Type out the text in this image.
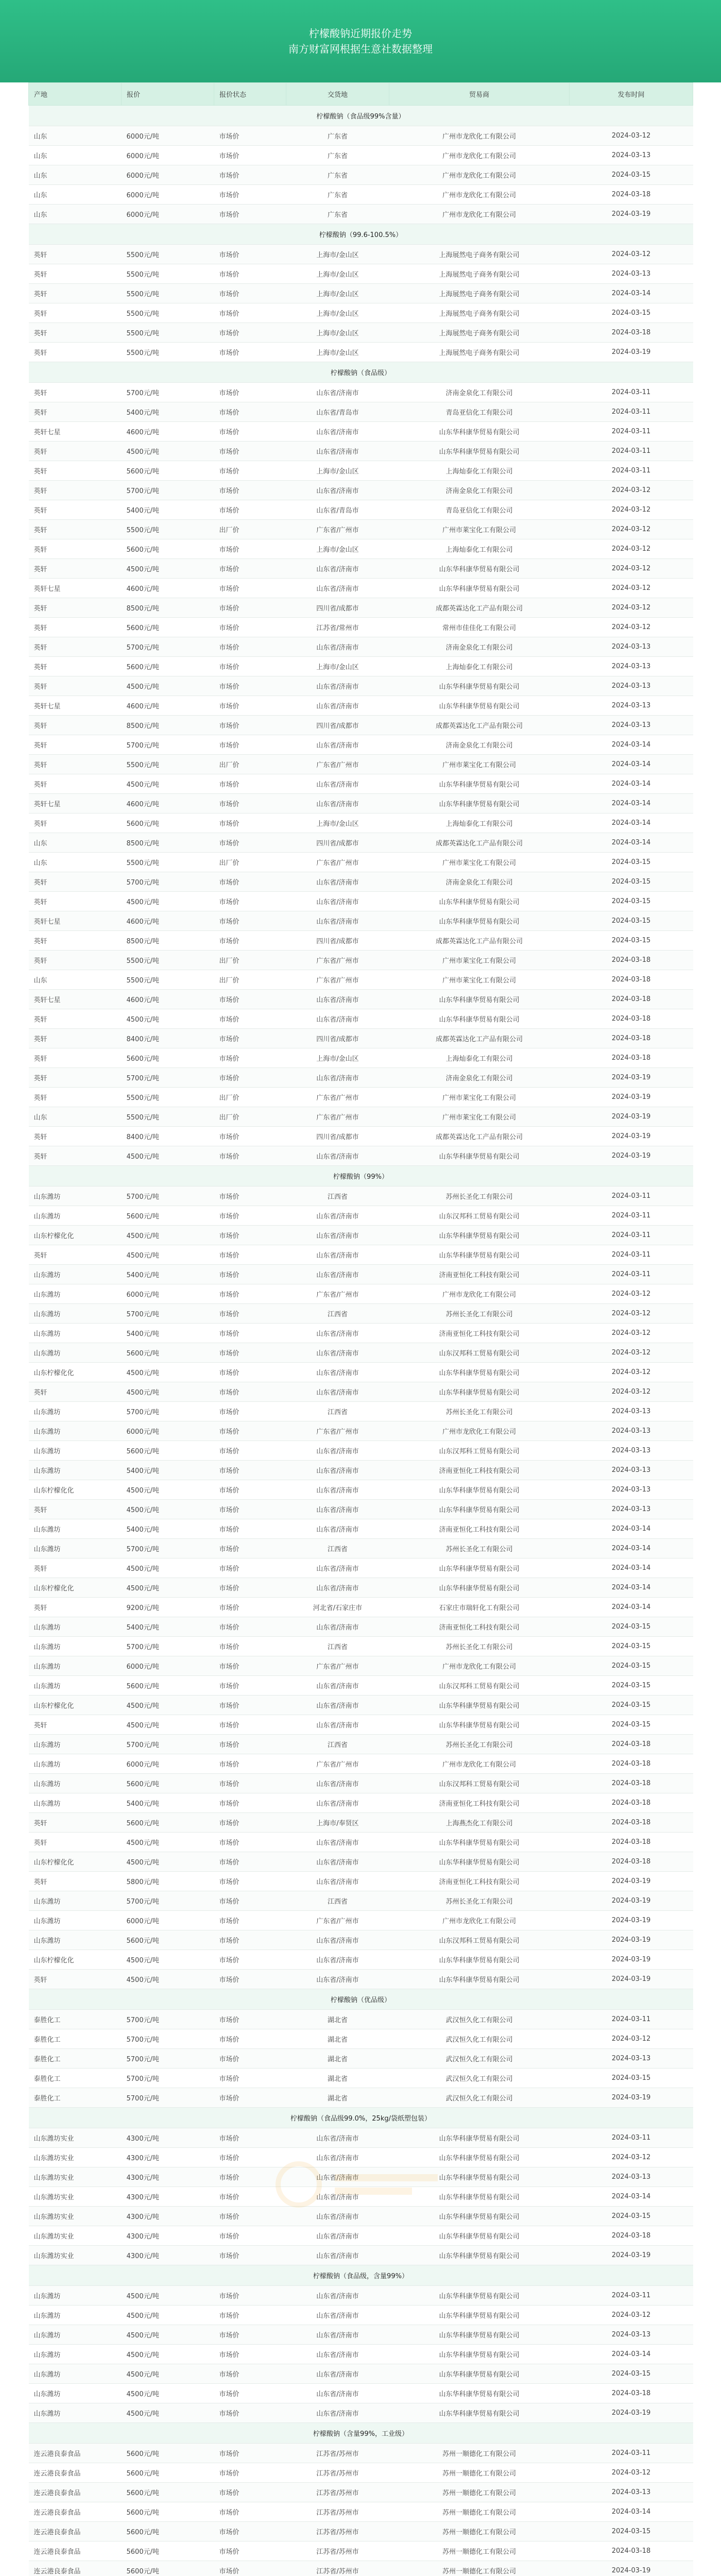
柠檬酸钠近期报价走势
南方财富网根据生意社数据整理
产地	报价	报价状态	交货地	贸易商	发布时间
柠檬酸钠（食品级99%含量）					
山东	6000元/吨	市场价	广东省	广州市龙欣化工有限公司	2024-03-12
山东	6000元/吨	市场价	广东省	广州市龙欣化工有限公司	2024-03-13
山东	6000元/吨	市场价	广东省	广州市龙欣化工有限公司	2024-03-15
山东	6000元/吨	市场价	广东省	广州市龙欣化工有限公司	2024-03-18
山东	6000元/吨	市场价	广东省	广州市龙欣化工有限公司	2024-03-19
柠檬酸钠（99.6-100.5%）					
英轩	5500元/吨	市场价	上海市/金山区	上海展然电子商务有限公司	2024-03-12
英轩	5500元/吨	市场价	上海市/金山区	上海展然电子商务有限公司	2024-03-13
英轩	5500元/吨	市场价	上海市/金山区	上海展然电子商务有限公司	2024-03-14
英轩	5500元/吨	市场价	上海市/金山区	上海展然电子商务有限公司	2024-03-15
英轩	5500元/吨	市场价	上海市/金山区	上海展然电子商务有限公司	2024-03-18
英轩	5500元/吨	市场价	上海市/金山区	上海展然电子商务有限公司	2024-03-19
柠檬酸钠（食品级）					
英轩	5700元/吨	市场价	山东省/济南市	济南金泉化工有限公司	2024-03-11
英轩	5400元/吨	市场价	山东省/青岛市	青岛亚信化工有限公司	2024-03-11
英轩七星	4600元/吨	市场价	山东省/济南市	山东华科康华贸易有限公司	2024-03-11
英轩	4500元/吨	市场价	山东省/济南市	山东华科康华贸易有限公司	2024-03-11
英轩	5600元/吨	市场价	上海市/金山区	上海灿泰化工有限公司	2024-03-11
英轩	5700元/吨	市场价	山东省/济南市	济南金泉化工有限公司	2024-03-12
英轩	5400元/吨	市场价	山东省/青岛市	青岛亚信化工有限公司	2024-03-12
英轩	5500元/吨	出厂价	广东省/广州市	广州市莱宝化工有限公司	2024-03-12
英轩	5600元/吨	市场价	上海市/金山区	上海灿泰化工有限公司	2024-03-12
英轩	4500元/吨	市场价	山东省/济南市	山东华科康华贸易有限公司	2024-03-12
英轩七星	4600元/吨	市场价	山东省/济南市	山东华科康华贸易有限公司	2024-03-12
英轩	8500元/吨	市场价	四川省/成都市	成都英霖达化工产品有限公司	2024-03-12
英轩	5600元/吨	市场价	江苏省/常州市	常州市佳佳化工有限公司	2024-03-12
英轩	5700元/吨	市场价	山东省/济南市	济南金泉化工有限公司	2024-03-13
英轩	5600元/吨	市场价	上海市/金山区	上海灿泰化工有限公司	2024-03-13
英轩	4500元/吨	市场价	山东省/济南市	山东华科康华贸易有限公司	2024-03-13
英轩七星	4600元/吨	市场价	山东省/济南市	山东华科康华贸易有限公司	2024-03-13
英轩	8500元/吨	市场价	四川省/成都市	成都英霖达化工产品有限公司	2024-03-13
英轩	5700元/吨	市场价	山东省/济南市	济南金泉化工有限公司	2024-03-14
英轩	5500元/吨	出厂价	广东省/广州市	广州市莱宝化工有限公司	2024-03-14
英轩	4500元/吨	市场价	山东省/济南市	山东华科康华贸易有限公司	2024-03-14
英轩七星	4600元/吨	市场价	山东省/济南市	山东华科康华贸易有限公司	2024-03-14
英轩	5600元/吨	市场价	上海市/金山区	上海灿泰化工有限公司	2024-03-14
山东	8500元/吨	市场价	四川省/成都市	成都英霖达化工产品有限公司	2024-03-14
山东	5500元/吨	出厂价	广东省/广州市	广州市莱宝化工有限公司	2024-03-15
英轩	5700元/吨	市场价	山东省/济南市	济南金泉化工有限公司	2024-03-15
英轩	4500元/吨	市场价	山东省/济南市	山东华科康华贸易有限公司	2024-03-15
英轩七星	4600元/吨	市场价	山东省/济南市	山东华科康华贸易有限公司	2024-03-15
英轩	8500元/吨	市场价	四川省/成都市	成都英霖达化工产品有限公司	2024-03-15
英轩	5500元/吨	出厂价	广东省/广州市	广州市莱宝化工有限公司	2024-03-18
山东	5500元/吨	出厂价	广东省/广州市	广州市莱宝化工有限公司	2024-03-18
英轩七星	4600元/吨	市场价	山东省/济南市	山东华科康华贸易有限公司	2024-03-18
英轩	4500元/吨	市场价	山东省/济南市	山东华科康华贸易有限公司	2024-03-18
英轩	8400元/吨	市场价	四川省/成都市	成都英霖达化工产品有限公司	2024-03-18
英轩	5600元/吨	市场价	上海市/金山区	上海灿泰化工有限公司	2024-03-18
英轩	5700元/吨	市场价	山东省/济南市	济南金泉化工有限公司	2024-03-19
英轩	5500元/吨	出厂价	广东省/广州市	广州市莱宝化工有限公司	2024-03-19
山东	5500元/吨	出厂价	广东省/广州市	广州市莱宝化工有限公司	2024-03-19
英轩	8400元/吨	市场价	四川省/成都市	成都英霖达化工产品有限公司	2024-03-19
英轩	4500元/吨	市场价	山东省/济南市	山东华科康华贸易有限公司	2024-03-19
柠檬酸钠（99%）					
山东潍坊	5700元/吨	市场价	江西省	苏州长圣化工有限公司	2024-03-11
山东潍坊	5600元/吨	市场价	山东省/济南市	山东汉邦科工贸易有限公司	2024-03-11
山东柠檬化化	4500元/吨	市场价	山东省/济南市	山东华科康华贸易有限公司	2024-03-11
英轩	4500元/吨	市场价	山东省/济南市	山东华科康华贸易有限公司	2024-03-11
山东潍坊	5400元/吨	市场价	山东省/济南市	济南亚恒化工科技有限公司	2024-03-11
山东潍坊	6000元/吨	市场价	广东省/广州市	广州市龙欣化工有限公司	2024-03-12
山东潍坊	5700元/吨	市场价	江西省	苏州长圣化工有限公司	2024-03-12
山东潍坊	5400元/吨	市场价	山东省/济南市	济南亚恒化工科技有限公司	2024-03-12
山东潍坊	5600元/吨	市场价	山东省/济南市	山东汉邦科工贸易有限公司	2024-03-12
山东柠檬化化	4500元/吨	市场价	山东省/济南市	山东华科康华贸易有限公司	2024-03-12
英轩	4500元/吨	市场价	山东省/济南市	山东华科康华贸易有限公司	2024-03-12
山东潍坊	5700元/吨	市场价	江西省	苏州长圣化工有限公司	2024-03-13
山东潍坊	6000元/吨	市场价	广东省/广州市	广州市龙欣化工有限公司	2024-03-13
山东潍坊	5600元/吨	市场价	山东省/济南市	山东汉邦科工贸易有限公司	2024-03-13
山东潍坊	5400元/吨	市场价	山东省/济南市	济南亚恒化工科技有限公司	2024-03-13
山东柠檬化化	4500元/吨	市场价	山东省/济南市	山东华科康华贸易有限公司	2024-03-13
英轩	4500元/吨	市场价	山东省/济南市	山东华科康华贸易有限公司	2024-03-13
山东潍坊	5400元/吨	市场价	山东省/济南市	济南亚恒化工科技有限公司	2024-03-14
山东潍坊	5700元/吨	市场价	江西省	苏州长圣化工有限公司	2024-03-14
英轩	4500元/吨	市场价	山东省/济南市	山东华科康华贸易有限公司	2024-03-14
山东柠檬化化	4500元/吨	市场价	山东省/济南市	山东华科康华贸易有限公司	2024-03-14
英轩	9200元/吨	市场价	河北省/石家庄市	石家庄市瑞轩化工有限公司	2024-03-14
山东潍坊	5400元/吨	市场价	山东省/济南市	济南亚恒化工科技有限公司	2024-03-15
山东潍坊	5700元/吨	市场价	江西省	苏州长圣化工有限公司	2024-03-15
山东潍坊	6000元/吨	市场价	广东省/广州市	广州市龙欣化工有限公司	2024-03-15
山东潍坊	5600元/吨	市场价	山东省/济南市	山东汉邦科工贸易有限公司	2024-03-15
山东柠檬化化	4500元/吨	市场价	山东省/济南市	山东华科康华贸易有限公司	2024-03-15
英轩	4500元/吨	市场价	山东省/济南市	山东华科康华贸易有限公司	2024-03-15
山东潍坊	5700元/吨	市场价	江西省	苏州长圣化工有限公司	2024-03-18
山东潍坊	6000元/吨	市场价	广东省/广州市	广州市龙欣化工有限公司	2024-03-18
山东潍坊	5600元/吨	市场价	山东省/济南市	山东汉邦科工贸易有限公司	2024-03-18
山东潍坊	5400元/吨	市场价	山东省/济南市	济南亚恒化工科技有限公司	2024-03-18
英轩	5600元/吨	市场价	上海市/奉贤区	上海燕杰化工有限公司	2024-03-18
英轩	4500元/吨	市场价	山东省/济南市	山东华科康华贸易有限公司	2024-03-18
山东柠檬化化	4500元/吨	市场价	山东省/济南市	山东华科康华贸易有限公司	2024-03-18
英轩	5800元/吨	市场价	山东省/济南市	济南亚恒化工科技有限公司	2024-03-19
山东潍坊	5700元/吨	市场价	江西省	苏州长圣化工有限公司	2024-03-19
山东潍坊	6000元/吨	市场价	广东省/广州市	广州市龙欣化工有限公司	2024-03-19
山东潍坊	5600元/吨	市场价	山东省/济南市	山东汉邦科工贸易有限公司	2024-03-19
山东柠檬化化	4500元/吨	市场价	山东省/济南市	山东华科康华贸易有限公司	2024-03-19
英轩	4500元/吨	市场价	山东省/济南市	山东华科康华贸易有限公司	2024-03-19
柠檬酸钠（优品级）					
泰胜化工	5700元/吨	市场价	湖北省	武汉恒久化工有限公司	2024-03-11
泰胜化工	5700元/吨	市场价	湖北省	武汉恒久化工有限公司	2024-03-12
泰胜化工	5700元/吨	市场价	湖北省	武汉恒久化工有限公司	2024-03-13
泰胜化工	5700元/吨	市场价	湖北省	武汉恒久化工有限公司	2024-03-15
泰胜化工	5700元/吨	市场价	湖北省	武汉恒久化工有限公司	2024-03-19
柠檬酸钠（食品级99.0%，25kg/袋纸塑包装）					
山东潍坊实业	4300元/吨	市场价	山东省/济南市	山东华科康华贸易有限公司	2024-03-11
山东潍坊实业	4300元/吨	市场价	山东省/济南市	山东华科康华贸易有限公司	2024-03-12
山东潍坊实业	4300元/吨	市场价	山东省/济南市	山东华科康华贸易有限公司	2024-03-13
山东潍坊实业	4300元/吨	市场价	山东省/济南市	山东华科康华贸易有限公司	2024-03-14
山东潍坊实业	4300元/吨	市场价	山东省/济南市	山东华科康华贸易有限公司	2024-03-15
山东潍坊实业	4300元/吨	市场价	山东省/济南市	山东华科康华贸易有限公司	2024-03-18
山东潍坊实业	4300元/吨	市场价	山东省/济南市	山东华科康华贸易有限公司	2024-03-19
柠檬酸钠（食品级，含量99%）					
山东潍坊	4500元/吨	市场价	山东省/济南市	山东华科康华贸易有限公司	2024-03-11
山东潍坊	4500元/吨	市场价	山东省/济南市	山东华科康华贸易有限公司	2024-03-12
山东潍坊	4500元/吨	市场价	山东省/济南市	山东华科康华贸易有限公司	2024-03-13
山东潍坊	4500元/吨	市场价	山东省/济南市	山东华科康华贸易有限公司	2024-03-14
山东潍坊	4500元/吨	市场价	山东省/济南市	山东华科康华贸易有限公司	2024-03-15
山东潍坊	4500元/吨	市场价	山东省/济南市	山东华科康华贸易有限公司	2024-03-18
山东潍坊	4500元/吨	市场价	山东省/济南市	山东华科康华贸易有限公司	2024-03-19
柠檬酸钠（含量99%，工业级）					
连云港良泰食品	5600元/吨	市场价	江苏省/苏州市	苏州一顺德化工有限公司	2024-03-11
连云港良泰食品	5600元/吨	市场价	江苏省/苏州市	苏州一顺德化工有限公司	2024-03-12
连云港良泰食品	5600元/吨	市场价	江苏省/苏州市	苏州一顺德化工有限公司	2024-03-13
连云港良泰食品	5600元/吨	市场价	江苏省/苏州市	苏州一顺德化工有限公司	2024-03-14
连云港良泰食品	5600元/吨	市场价	江苏省/苏州市	苏州一顺德化工有限公司	2024-03-15
连云港良泰食品	5600元/吨	市场价	江苏省/苏州市	苏州一顺德化工有限公司	2024-03-18
连云港良泰食品	5600元/吨	市场价	江苏省/苏州市	苏州一顺德化工有限公司	2024-03-19
